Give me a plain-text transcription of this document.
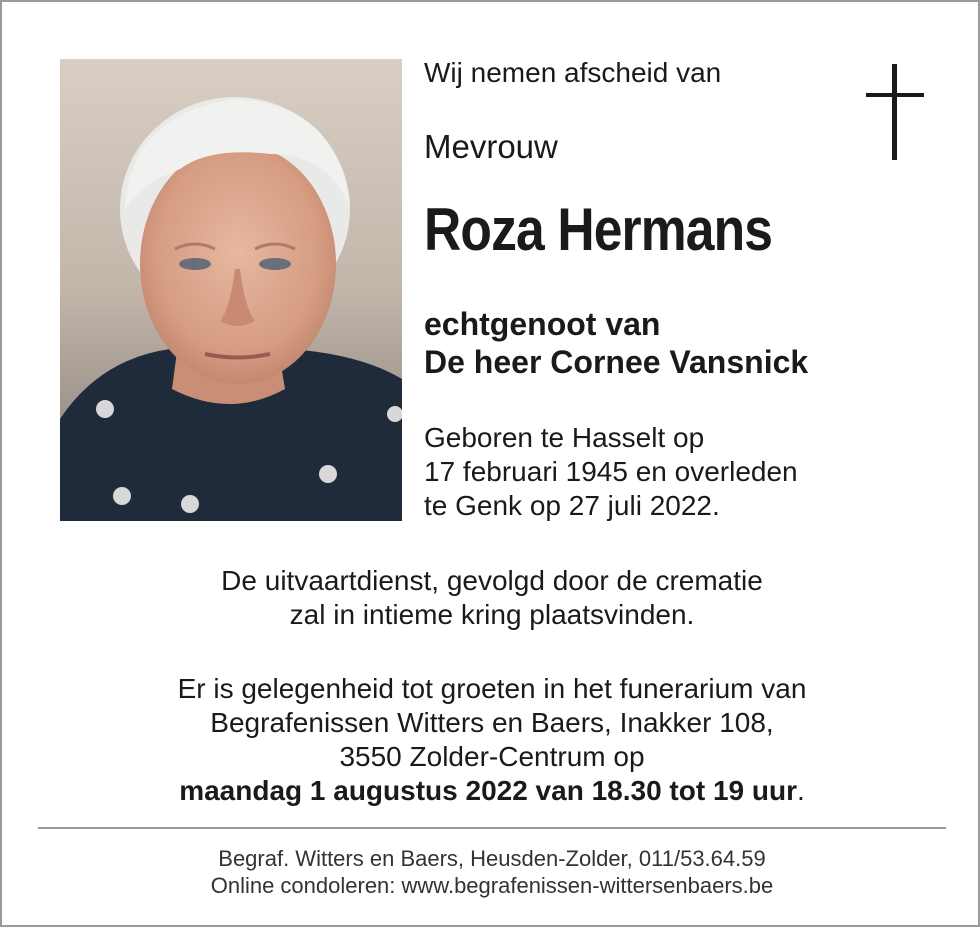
Wij nemen afscheid van
Mevrouw
Roza Hermans
echtgenoot van
De heer Cornee Vansnick
Geboren te Hasselt op
17 februari 1945 en overleden
te Genk op 27 juli 2022.
De uitvaartdienst, gevolgd door de crematie
zal in intieme kring plaatsvinden.
Er is gelegenheid tot groeten in het funerarium van
Begrafenissen Witters en Baers, Inakker 108,
3550 Zolder-Centrum op
maandag 1 augustus 2022 van 18.30 tot 19 uur.
Begraf. Witters en Baers, Heusden-Zolder, 011/53.64.59
Online condoleren: www.begrafenissen-wittersenbaers.be
